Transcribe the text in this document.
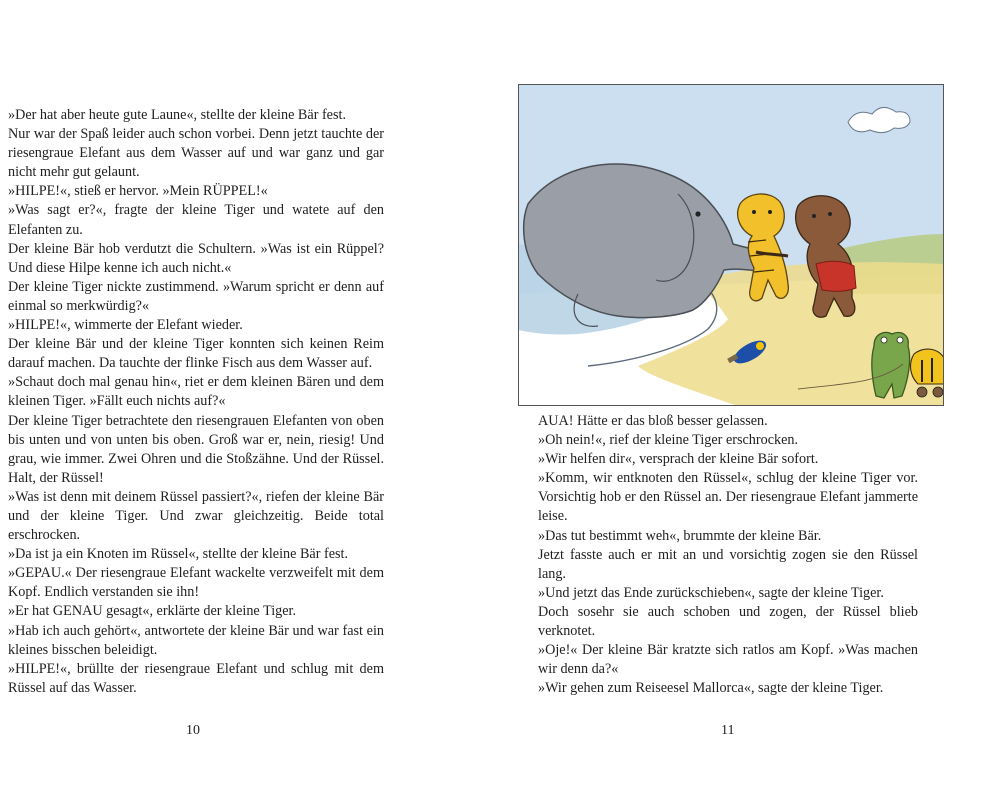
»Der hat aber heute gute Laune«, stellte der kleine Bär fest.

Nur war der Spaß leider auch schon vorbei. Denn jetzt tauchte der riesengraue Elefant aus dem Wasser auf und war ganz und gar nicht mehr gut gelaunt.

»HILPE!«, stieß er hervor. »Mein RÜPPEL!«

»Was sagt er?«, fragte der kleine Tiger und watete auf den Elefanten zu.

Der kleine Bär hob verdutzt die Schultern. »Was ist ein Rüppel? Und diese Hilpe kenne ich auch nicht.«

Der kleine Tiger nickte zustimmend. »Warum spricht er denn auf einmal so merkwürdig?«

»HILPE!«, wimmerte der Elefant wieder.

Der kleine Bär und der kleine Tiger konnten sich keinen Reim darauf machen. Da tauchte der flinke Fisch aus dem Wasser auf.

»Schaut doch mal genau hin«, riet er dem kleinen Bären und dem kleinen Tiger. »Fällt euch nichts auf?«

Der kleine Tiger betrachtete den riesengrauen Elefanten von oben bis unten und von unten bis oben. Groß war er, nein, riesig! Und grau, wie immer. Zwei Ohren und die Stoßzähne. Und der Rüssel. Halt, der Rüssel!

»Was ist denn mit deinem Rüssel passiert?«, riefen der kleine Bär und der kleine Tiger. Und zwar gleichzeitig. Beide total erschrocken.

»Da ist ja ein Knoten im Rüssel«, stellte der kleine Bär fest.

»GEPAU.« Der riesengraue Elefant wackelte verzweifelt mit dem Kopf. Endlich verstanden sie ihn!

»Er hat GENAU gesagt«, erklärte der kleine Tiger.

»Hab ich auch gehört«, antwortete der kleine Bär und war fast ein kleines bisschen beleidigt.

»HILPE!«, brüllte der riesengraue Elefant und schlug mit dem Rüssel auf das Wasser.

10

AUA! Hätte er das bloß besser gelassen.

»Oh nein!«, rief der kleine Tiger erschrocken.

»Wir helfen dir«, versprach der kleine Bär sofort.

»Komm, wir entknoten den Rüssel«, schlug der kleine Tiger vor. Vorsichtig hob er den Rüssel an. Der riesengraue Elefant jammerte leise.

»Das tut bestimmt weh«, brummte der kleine Bär.

Jetzt fasste auch er mit an und vorsichtig zogen sie den Rüssel lang.

»Und jetzt das Ende zurückschieben«, sagte der kleine Tiger.

Doch sosehr sie auch schoben und zogen, der Rüssel blieb verknotet.

»Oje!« Der kleine Bär kratzte sich ratlos am Kopf. »Was machen wir denn da?«

»Wir gehen zum Reiseesel Mallorca«, sagte der kleine Tiger.

11
